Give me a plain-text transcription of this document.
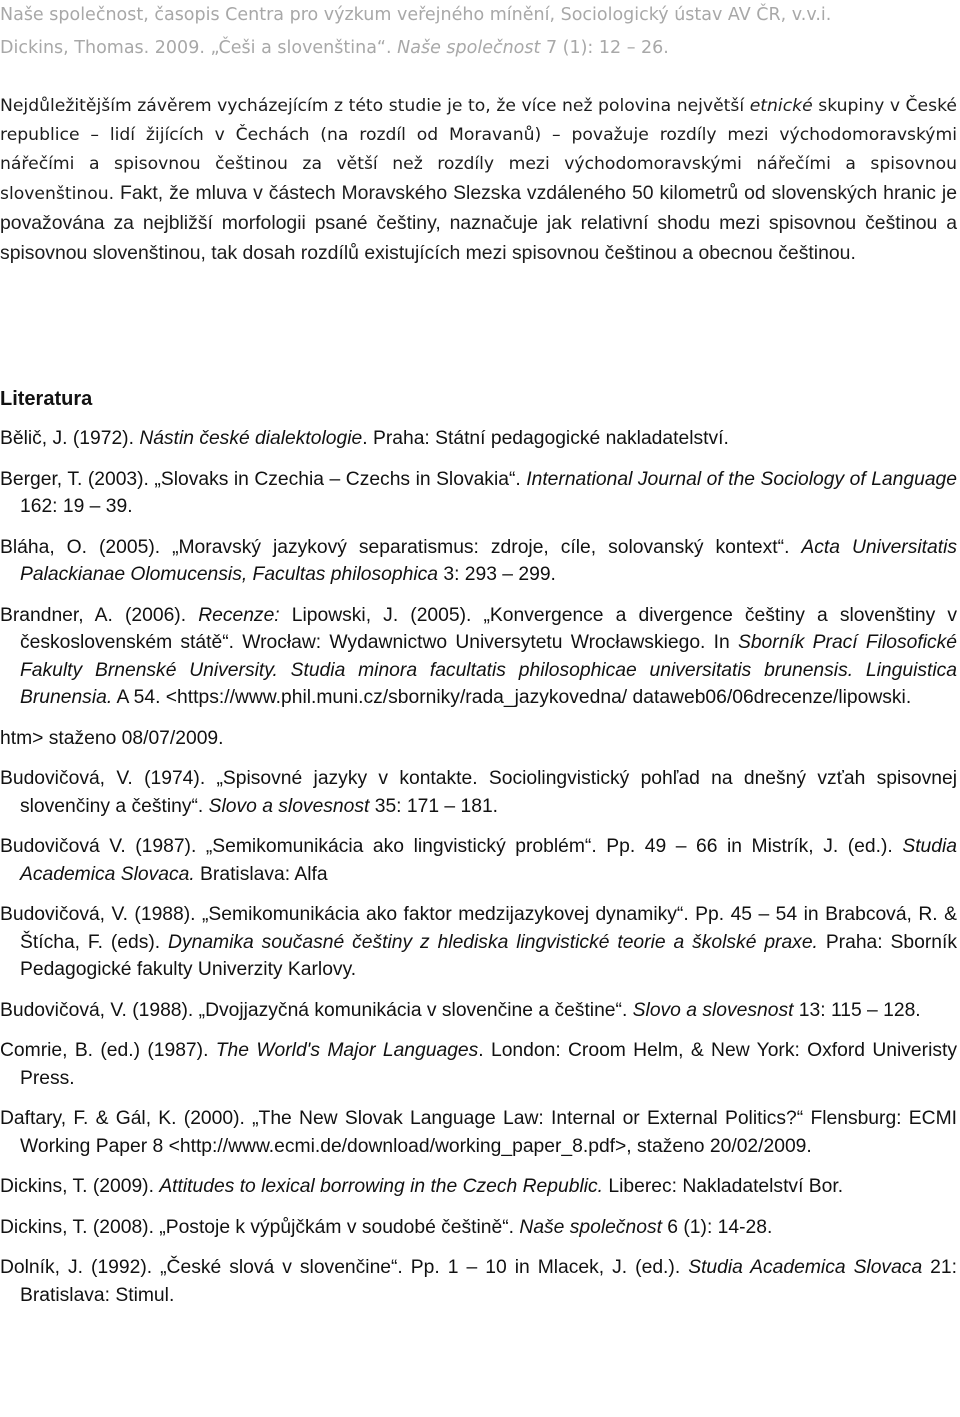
Naše společnost, časopis Centra pro výzkum veřejného mínění, Sociologický ústav AV ČR, v.v.i.
Dickins, Thomas. 2009. „Češi a slovenština“. Naše společnost 7 (1): 12 – 26.

Nejdůležitějším závěrem vycházejícím z této studie je to, že více než polovina největší etnické skupiny v České republice – lidí žijících v Čechách (na rozdíl od Moravanů) – považuje rozdíly mezi východomoravskými nářečími a spisovnou češtinou za větší než rozdíly mezi východomoravskými nářečími a spisovnou slovenštinou. Fakt, že mluva v částech Moravského Slezska vzdáleného 50 kilometrů od slovenských hranic je považována za nejbližší morfologii psané češtiny, naznačuje jak relativní shodu mezi spisovnou češtinou a spisovnou slovenštinou, tak dosah rozdílů existujících mezi spisovnou češtinou a obecnou češtinou.

Literatura

Bělič, J. (1972). Nástin české dialektologie. Praha: Státní pedagogické nakladatelství.

Berger, T. (2003). „Slovaks in Czechia – Czechs in Slovakia“. International Journal of the Sociology of Language 162: 19 – 39.

Bláha, O. (2005). „Moravský jazykový separatismus: zdroje, cíle, solovanský kontext“. Acta Universitatis Palackianae Olomucensis, Facultas philosophica 3: 293 – 299.

Brandner, A. (2006). Recenze: Lipowski, J. (2005). „Konvergence a divergence češtiny a slovenštiny v československém státě“. Wrocław: Wydawnictwo Universytetu Wrocławskiego. In Sborník Prací Filosofické Fakulty Brnenské University. Studia minora facultatis philosophicae universitatis brunensis. Linguistica Brunensia. A 54. <https://www.phil.muni.cz/sborniky/rada_jazykovedna/ dataweb06/06drecenze/lipowski.

htm> staženo 08/07/2009.

Budovičová, V. (1974). „Spisovné jazyky v kontakte. Sociolingvistický pohľad na dnešný vzťah spisovnej slovenčiny a češtiny“. Slovo a slovesnost 35: 171 – 181.

Budovičová V. (1987). „Semikomunikácia ako lingvistický problém“. Pp. 49 – 66 in Mistrík, J. (ed.). Studia Academica Slovaca. Bratislava: Alfa

Budovičová, V. (1988). „Semikomunikácia ako faktor medzijazykovej dynamiky“. Pp. 45 – 54 in Brabcová, R. & Štícha, F. (eds). Dynamika současné češtiny z hlediska lingvistické teorie a školské praxe. Praha: Sborník Pedagogické fakulty Univerzity Karlovy.

Budovičová, V. (1988). „Dvojjazyčná komunikácia v slovenčine a češtine“. Slovo a slovesnost 13: 115 – 128.

Comrie, B. (ed.) (1987). The World's Major Languages. London: Croom Helm, & New York: Oxford Univeristy Press.

Daftary, F. & Gál, K. (2000). „The New Slovak Language Law: Internal or External Politics?“ Flensburg: ECMI Working Paper 8 <http://www.ecmi.de/download/working_paper_8.pdf>, staženo 20/02/2009.

Dickins, T. (2009). Attitudes to lexical borrowing in the Czech Republic. Liberec: Nakladatelství Bor.

Dickins, T. (2008). „Postoje k výpůjčkám v soudobé češtině“. Naše společnost 6 (1): 14-28.

Dolník, J. (1992). „České slová v slovenčine“. Pp. 1 – 10 in Mlacek, J. (ed.). Studia Academica Slovaca 21: Bratislava: Stimul.
